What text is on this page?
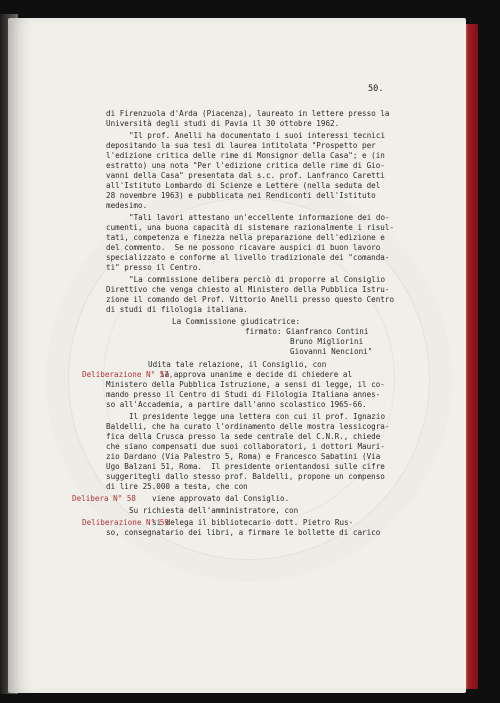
50.
di Firenzuola d'Arda (Piacenza), laureato in lettere presso la
Università degli studi di Pavia il 30 ottobre 1962.
"Il prof. Anelli ha documentato i suoi interessi tecnici
depositando la sua tesi di laurea intitolata "Prospetto per
l'edizione critica delle rime di Monsignor della Casa"; e (in
estratto) una nota "Per l'edizione critica delle rime di Gio-
vanni della Casa" presentata dal s.c. prof. Lanfranco Caretti
all'Istituto Lombardo di Scienze e Lettere (nella seduta del
28 novembre 1963) e pubblicata nei Rendiconti dell'Istituto
medesimo.
"Tali lavori attestano un'eccellente informazione dei do-
cumenti, una buona capacità di sistemare razionalmente i risul-
tati, competenza e finezza nella preparazione dell'edizione e
del commento.  Se ne possono ricavare auspici di buon lavoro
specializzato e conforme al livello tradizionale dei "comanda-
ti" presso il Centro.
"La commissione delibera perciò di proporre al Consiglio
Direttivo che venga chiesto al Ministero della Pubblica Istru-
zione il comando del Prof. Vittorio Anelli presso questo Centro
di studi di filologia italiana.
La Commissione giudicatrice:
firmato: Gianfranco Contini
Bruno Migliorini
Giovanni Nencioni"
Udita tale relazione, il Consiglio, con
la approva unanime e decide di chiedere al
Ministero della Pubblica Istruzione, a sensi di legge, il co-
mando presso il Centro di Studi di Filologia Italiana annes-
so all'Accademia, a partire dall'anno scolastico 1965-66.
Il presidente legge una lettera con cui il prof. Ignazio
Baldelli, che ha curato l'ordinamento delle mostra lessicogra-
fica della Crusca presso la sede centrale del C.N.R., chiede
che siano compensati due suoi collaboratori, i dottori Mauri-
zio Dardano (Via Palestro 5, Roma) e Francesco Sabatini (Via
Ugo Balzani 51, Roma.  Il presidente orientandosi sulle cifre
suggeritegli dallo stesso prof. Baldelli, propone un compenso
di lire 25.000 a testa, che con
viene approvato dal Consiglio.
Su richiesta dell'amministratore, con
si delega il bibliotecario dott. Pietro Rus-
so, consegnatario dei libri, a firmare le bollette di carico
Deliberazione N° 57,
Delibera N° 58
Deliberazione N° 59
